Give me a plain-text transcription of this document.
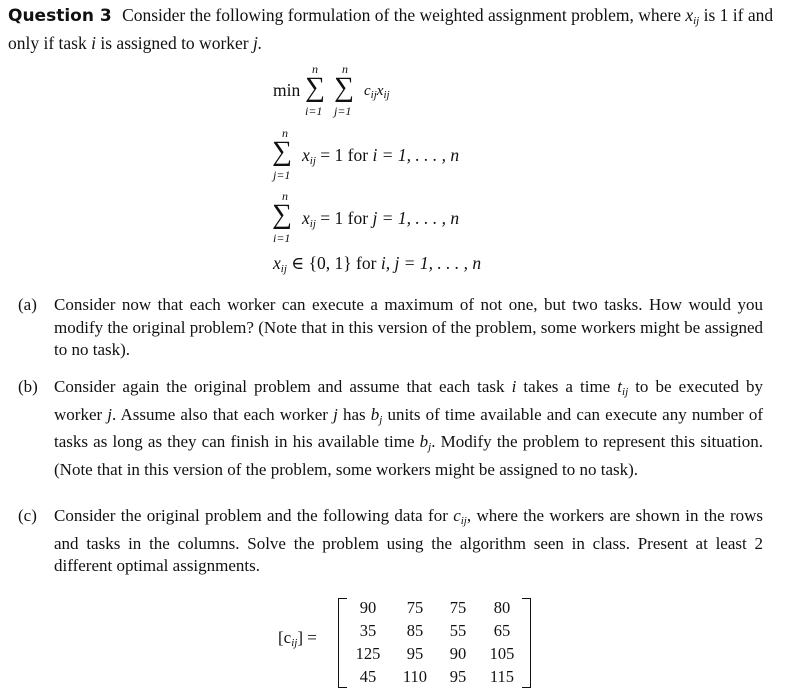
Question 3 Consider the following formulation of the weighted assignment problem, where $x_{ij}$ is 1 if and only if task i is assigned to worker j.
min
n n
∑ ∑
i=1 j=1
$c_{ij}x_{ij}$
n
∑
j=1
$x_{ij} = 1$ for i = 1, . . . , n
n
∑
i=1
$x_{ij} = 1$ for j = 1, . . . , n
$x_{ij}$ ∈ {0, 1} for i, j = 1, . . . , n
(a) Consider now that each worker can execute a maximum of not one, but two tasks. How would you modify the original problem? (Note that in this version of the problem, some workers might be assigned to no task).
(b) Consider again the original problem and assume that each task i takes a time $t_{ij}$ to be executed by worker j. Assume also that each worker j has $b_j$ units of time available and can execute any number of tasks as long as they can finish in his available time $b_j$. Modify the problem to represent this situation. (Note that in this version of the problem, some workers might be assigned to no task).
(c) Consider the original problem and the following data for $c_{ij}$, where the workers are shown in the rows and tasks in the columns. Solve the problem using the algorithm seen in class. Present at least 2 different optimal assignments.
$[c_{ij}]$ =
90	75	75	80
35	85	55	65
125	95	90	105
45	110	95	115
